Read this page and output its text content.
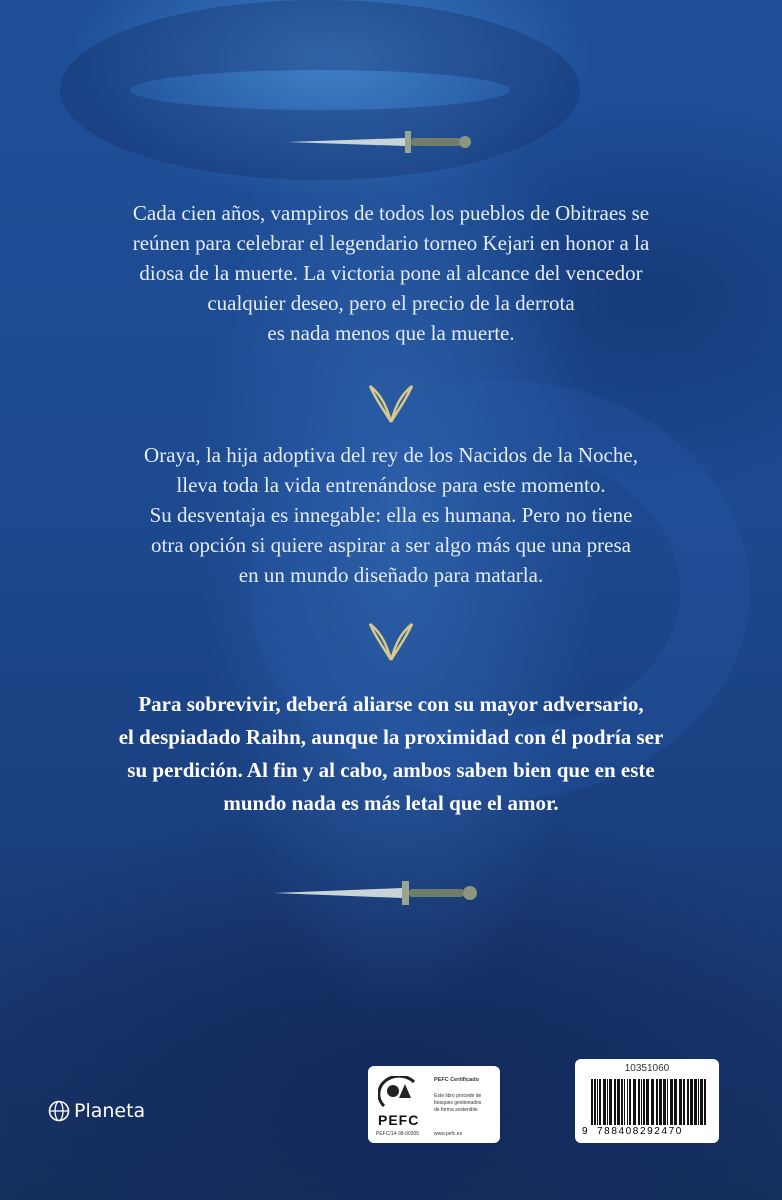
Cada cien años, vampiros de todos los pueblos de Obitraes se
reúnen para celebrar el legendario torneo Kejari en honor a la
diosa de la muerte. La victoria pone al alcance del vencedor
cualquier deseo, pero el precio de la derrota
es nada menos que la muerte.
Oraya, la hija adoptiva del rey de los Nacidos de la Noche,
lleva toda la vida entrenándose para este momento.
Su desventaja es innegable: ella es humana. Pero no tiene
otra opción si quiere aspirar a ser algo más que una presa
en un mundo diseñado para matarla.
Para sobrevivir, deberá aliarse con su mayor adversario,
el despiadado Raihn, aunque la proximidad con él podría ser
su perdición. Al fin y al cabo, ambos saben bien que en este
mundo nada es más letal que el amor.
Planeta	PEFC
PEFC/14-38-00305
PEFC Certificado
Este libro procede de
bosques gestionados
de forma sostenible
www.pefc.es
10351060
9 788408292470
